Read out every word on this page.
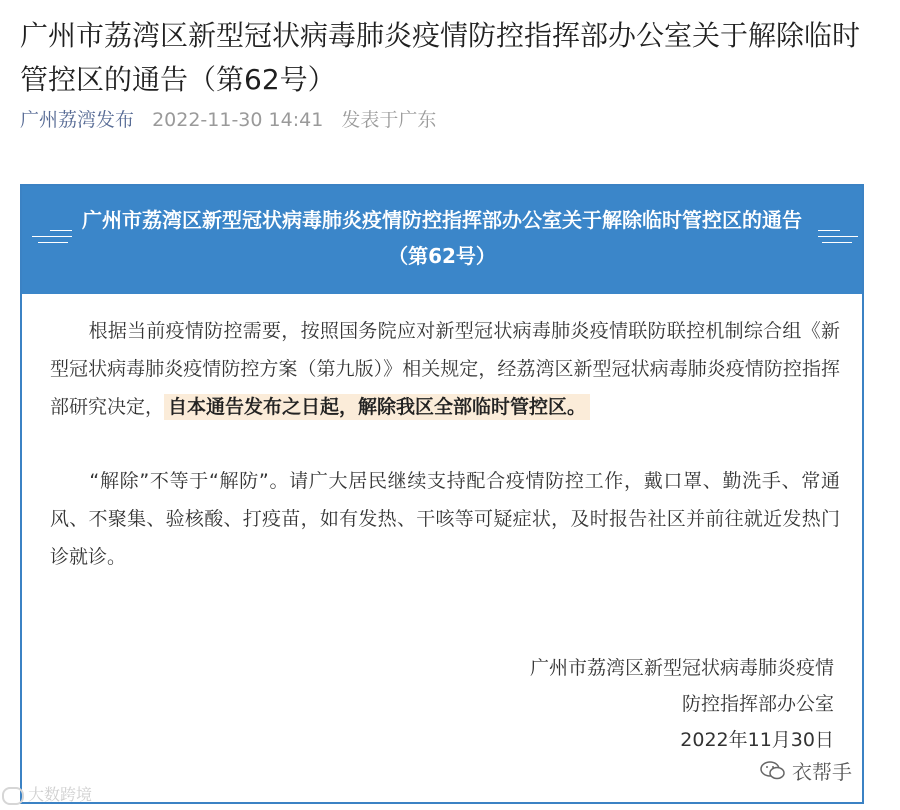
广州市荔湾区新型冠状病毒肺炎疫情防控指挥部办公室关于解除临时管控区的通告（第62号）
广州荔湾发布 2022-11-30 14:41 发表于广东
广州市荔湾区新型冠状病毒肺炎疫情防控指挥部办公室关于解除临时管控区的通告（第62号）

　　根据当前疫情防控需要，按照国务院应对新型冠状病毒肺炎疫情联防联控机制综合组《新型冠状病毒肺炎疫情防控方案（第九版）》相关规定，经荔湾区新型冠状病毒肺炎疫情防控指挥部研究决定， 自本通告发布之日起，解除我区全部临时管控区。

　　“解除”不等于“解防”。请广大居民继续支持配合疫情防控工作，戴口罩、勤洗手、常通风、不聚集、验核酸、打疫苗，如有发热、干咳等可疑症状，及时报告社区并前往就近发热门诊就诊。

广州市荔湾区新型冠状病毒肺炎疫情
防控指挥部办公室
2022年11月30日
大数跨境
衣帮手
